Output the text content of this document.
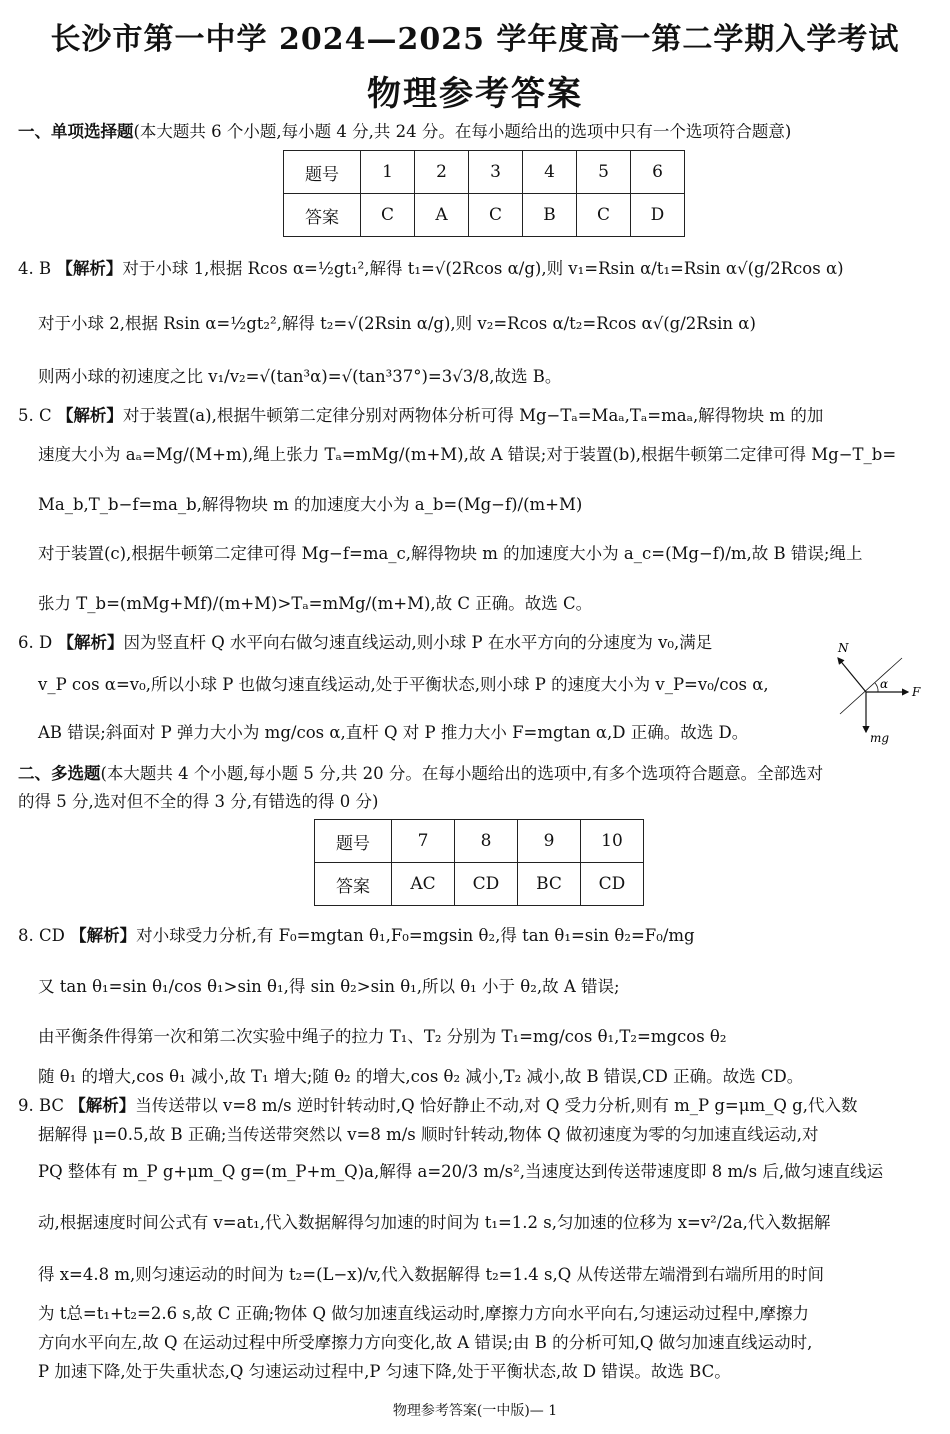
长沙市第一中学 2024—2025 学年度高一第二学期入学考试
物理参考答案
一、单项选择题(本大题共 6 个小题,每小题 4 分,共 24 分。在每小题给出的选项中只有一个选项符合题意)
题号	1	2	3	4	5	6
答案	C	A	C	B	C	D
4. B 【解析】对于小球 1,根据 Rcos α=½gt₁²,解得 t₁=√(2Rcos α/g),则 v₁=Rsin α/t₁=Rsin α√(g/2Rcos α)
对于小球 2,根据 Rsin α=½gt₂²,解得 t₂=√(2Rsin α/g),则 v₂=Rcos α/t₂=Rcos α√(g/2Rsin α)
则两小球的初速度之比 v₁/v₂=√(tan³α)=√(tan³37°)=3√3/8,故选 B。
5. C 【解析】对于装置(a),根据牛顿第二定律分别对两物体分析可得 Mg−Tₐ=Maₐ,Tₐ=maₐ,解得物块 m 的加
速度大小为 aₐ=Mg/(M+m),绳上张力 Tₐ=mMg/(m+M),故 A 错误;对于装置(b),根据牛顿第二定律可得 Mg−T_b=
Ma_b,T_b−f=ma_b,解得物块 m 的加速度大小为 a_b=(Mg−f)/(m+M)
对于装置(c),根据牛顿第二定律可得 Mg−f=ma_c,解得物块 m 的加速度大小为 a_c=(Mg−f)/m,故 B 错误;绳上
张力 T_b=(mMg+Mf)/(m+M)>Tₐ=mMg/(m+M),故 C 正确。故选 C。
6. D 【解析】因为竖直杆 Q 水平向右做匀速直线运动,则小球 P 在水平方向的分速度为 v₀,满足
v_P cos α=v₀,所以小球 P 也做匀速直线运动,处于平衡状态,则小球 P 的速度大小为 v_P=v₀/cos α,
AB 错误;斜面对 P 弹力大小为 mg/cos α,直杆 Q 对 P 推力大小 F=mgtan α,D 正确。故选 D。
N
α
F
mg
二、多选题(本大题共 4 个小题,每小题 5 分,共 20 分。在每小题给出的选项中,有多个选项符合题意。全部选对
的得 5 分,选对但不全的得 3 分,有错选的得 0 分)
题号	7	8	9	10
答案	AC	CD	BC	CD
8. CD 【解析】对小球受力分析,有 F₀=mgtan θ₁,F₀=mgsin θ₂,得 tan θ₁=sin θ₂=F₀/mg
又 tan θ₁=sin θ₁/cos θ₁>sin θ₁,得 sin θ₂>sin θ₁,所以 θ₁ 小于 θ₂,故 A 错误;
由平衡条件得第一次和第二次实验中绳子的拉力 T₁、T₂ 分别为 T₁=mg/cos θ₁,T₂=mgcos θ₂
随 θ₁ 的增大,cos θ₁ 减小,故 T₁ 增大;随 θ₂ 的增大,cos θ₂ 减小,T₂ 减小,故 B 错误,CD 正确。故选 CD。
9. BC 【解析】当传送带以 v=8 m/s 逆时针转动时,Q 恰好静止不动,对 Q 受力分析,则有 m_P g=μm_Q g,代入数
据解得 μ=0.5,故 B 正确;当传送带突然以 v=8 m/s 顺时针转动,物体 Q 做初速度为零的匀加速直线运动,对
PQ 整体有 m_P g+μm_Q g=(m_P+m_Q)a,解得 a=20/3 m/s²,当速度达到传送带速度即 8 m/s 后,做匀速直线运
动,根据速度时间公式有 v=at₁,代入数据解得匀加速的时间为 t₁=1.2 s,匀加速的位移为 x=v²/2a,代入数据解
得 x=4.8 m,则匀速运动的时间为 t₂=(L−x)/v,代入数据解得 t₂=1.4 s,Q 从传送带左端滑到右端所用的时间
为 t总=t₁+t₂=2.6 s,故 C 正确;物体 Q 做匀加速直线运动时,摩擦力方向水平向右,匀速运动过程中,摩擦力
方向水平向左,故 Q 在运动过程中所受摩擦力方向变化,故 A 错误;由 B 的分析可知,Q 做匀加速直线运动时,
P 加速下降,处于失重状态,Q 匀速运动过程中,P 匀速下降,处于平衡状态,故 D 错误。故选 BC。
物理参考答案(一中版)— 1
